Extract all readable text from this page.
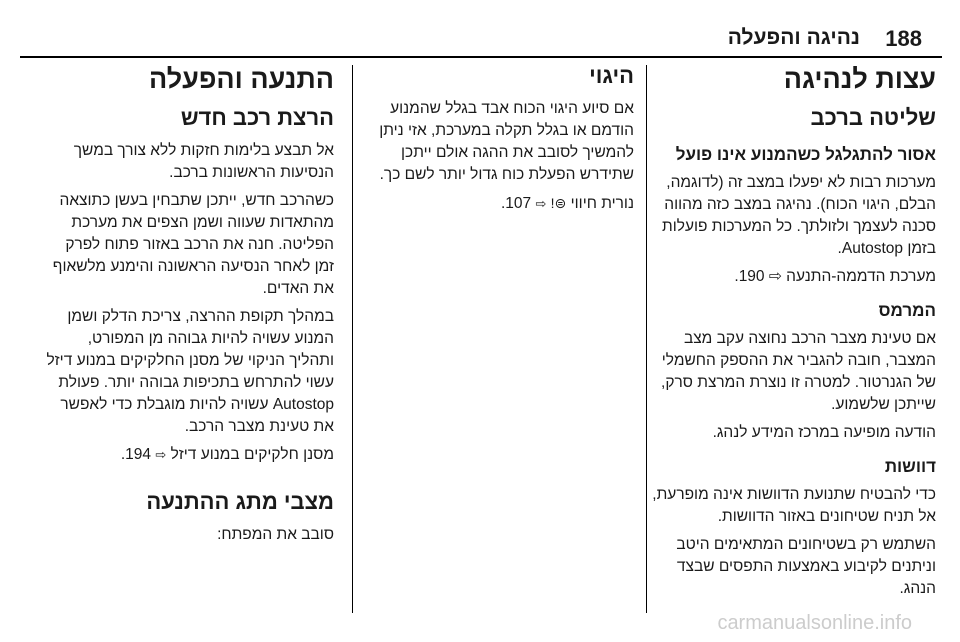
188
נהיגה והפעלה
עצות לנהיגה
שליטה ברכב
אסור להתגלגל כשהמנוע אינו פועל

מערכות רבות לא יפעלו במצב זה (לדוגמה, הבלם, היגוי הכוח). נהיגה במצב כזה מהווה סכנה לעצמך ולזולתך. כל המערכות פועלות בזמן Autostop.

מערכת הדממה-התנעה ⇨ 190.

המרמס

אם טעינת מצבר הרכב נחוצה עקב מצב המצבר, חובה להגביר את ההספק החשמלי של הגנרטור. למטרה זו נוצרת המרצת סרק, שייתכן שלשמוע.

הודעה מופיעה במרכז המידע לנהג.

דוושות

כדי להבטיח שתנועת הדוושות אינה מופרעת, אל תניח שטיחונים באזור הדוושות.

השתמש רק בשטיחונים המתאימים היטב וניתנים לקיבוע באמצעות התפסים שבצד הנהג.

היגוי

אם סיוע היגוי הכוח אבד בגלל שהמנוע הודמם או בגלל תקלה במערכת, אזי ניתן להמשיך לסובב את ההגה אולם ייתכן שתידרש הפעלת כוח גדול יותר לשם כך.

נורית חיווי ⊜! ⇨ 107.

התנעה והפעלה
הרצת רכב חדש

אל תבצע בלימות חזקות ללא צורך במשך הנסיעות הראשונות ברכב.

כשהרכב חדש, ייתכן שתבחין בעשן כתוצאה מהתאדות שעווה ושמן הצפים את מערכת הפליטה. חנה את הרכב באזור פתוח לפרק זמן לאחר הנסיעה הראשונה והימנע מלשאוף את האדים.

במהלך תקופת ההרצה, צריכת הדלק ושמן המנוע עשויה להיות גבוהה מן המפורט, ותהליך הניקוי של מסנן החלקיקים במנוע דיזל עשוי להתרחש בתכיפות גבוהה יותר. פעולת Autostop עשויה להיות מוגבלת כדי לאפשר את טעינת מצבר הרכב.

מסנן חלקיקים במנוע דיזל ⇨ 194.

מצבי מתג ההתנעה

סובב את המפתח:

carmanualsonline.info
